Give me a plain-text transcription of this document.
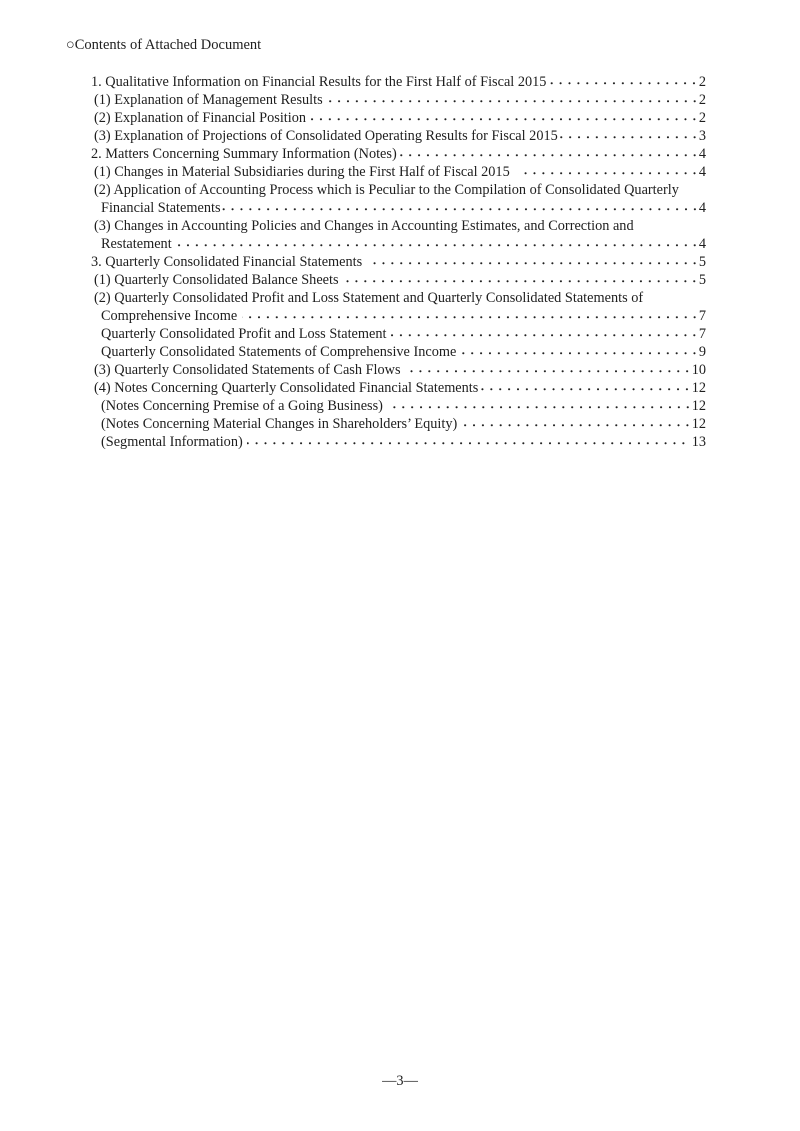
○Contents of Attached Document
1. Qualitative Information on Financial Results for the First Half of Fiscal 2015	2
(1) Explanation of Management Results	2
(2) Explanation of Financial Position	2
(3) Explanation of Projections of Consolidated Operating Results for Fiscal 2015	3
2. Matters Concerning Summary Information (Notes)	4
(1) Changes in Material Subsidiaries during the First Half of Fiscal 2015	4
(2) Application of Accounting Process which is Peculiar to the Compilation of Consolidated Quarterly
Financial Statements	4
(3) Changes in Accounting Policies and Changes in Accounting Estimates, and Correction and
Restatement	4
3. Quarterly Consolidated Financial Statements	5
(1) Quarterly Consolidated Balance Sheets	5
(2) Quarterly Consolidated Profit and Loss Statement and Quarterly Consolidated Statements of
Comprehensive Income	7
Quarterly Consolidated Profit and Loss Statement	7
Quarterly Consolidated Statements of Comprehensive Income	9
(3) Quarterly Consolidated Statements of Cash Flows	10
(4) Notes Concerning Quarterly Consolidated Financial Statements	12
(Notes Concerning Premise of a Going Business)	12
(Notes Concerning Material Changes in Shareholders’ Equity)	12
(Segmental Information)	13
—3—
